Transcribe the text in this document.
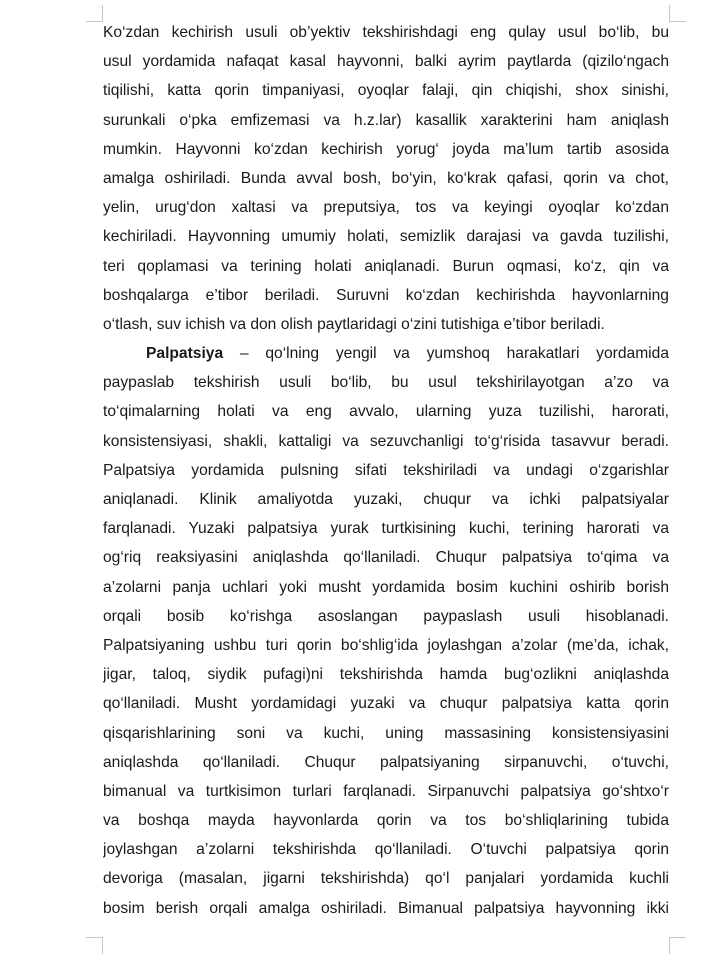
Ko‘zdan kechirish usuli ob’yektiv tekshirishdagi eng qulay usul bo‘lib, bu
usul yordamida nafaqat kasal hayvonni, balki ayrim paytlarda (qizilo‘ngach
tiqilishi, katta qorin timpaniyasi, oyoqlar falaji, qin chiqishi, shox sinishi,
surunkali o‘pka emfizemasi va h.z.lar) kasallik xarakterini ham aniqlash
mumkin. Hayvonni ko‘zdan kechirish yorug‘ joyda ma’lum tartib asosida
amalga oshiriladi. Bunda avval bosh, bo‘yin, ko‘krak qafasi, qorin va chot,
yelin, urug‘don xaltasi va preputsiya, tos va keyingi oyoqlar ko‘zdan
kechiriladi. Hayvonning umumiy holati, semizlik darajasi va gavda tuzilishi,
teri qoplamasi va terining holati aniqlanadi. Burun oqmasi, ko‘z, qin va
boshqalarga e’tibor beriladi. Suruvni ko‘zdan kechirishda hayvonlarning
o‘tlash, suv ichish va don olish paytlaridagi o‘zini tutishiga e’tibor beriladi.
Palpatsiya – qo‘lning yengil va yumshoq harakatlari yordamida
paypaslab tekshirish usuli bo‘lib, bu usul tekshirilayotgan a’zo va
to‘qimalarning holati va eng avvalo, ularning yuza tuzilishi, harorati,
konsistensiyasi, shakli, kattaligi va sezuvchanligi to‘g‘risida tasavvur beradi.
Palpatsiya yordamida pulsning sifati tekshiriladi va undagi o‘zgarishlar
aniqlanadi. Klinik amaliyotda yuzaki, chuqur va ichki palpatsiyalar
farqlanadi. Yuzaki palpatsiya yurak turtkisining kuchi, terining harorati va
og‘riq reaksiyasini aniqlashda qo‘llaniladi. Chuqur palpatsiya to‘qima va
a’zolarni panja uchlari yoki musht yordamida bosim kuchini oshirib borish
orqali bosib ko‘rishga asoslangan paypaslash usuli hisoblanadi.
Palpatsiyaning ushbu turi qorin bo‘shlig‘ida joylashgan a’zolar (me’da, ichak,
jigar, taloq, siydik pufagi)ni tekshirishda hamda bug‘ozlikni aniqlashda
qo‘llaniladi. Musht yordamidagi yuzaki va chuqur palpatsiya katta qorin
qisqarishlarining soni va kuchi, uning massasining konsistensiyasini
aniqlashda qo‘llaniladi. Chuqur palpatsiyaning sirpanuvchi, o‘tuvchi,
bimanual va turtkisimon turlari farqlanadi. Sirpanuvchi palpatsiya go‘shtxo‘r
va boshqa mayda hayvonlarda qorin va tos bo‘shliqlarining tubida
joylashgan a’zolarni tekshirishda qo‘llaniladi. O‘tuvchi palpatsiya qorin
devoriga (masalan, jigarni tekshirishda) qo‘l panjalari yordamida kuchli
bosim berish orqali amalga oshiriladi. Bimanual palpatsiya hayvonning ikki
